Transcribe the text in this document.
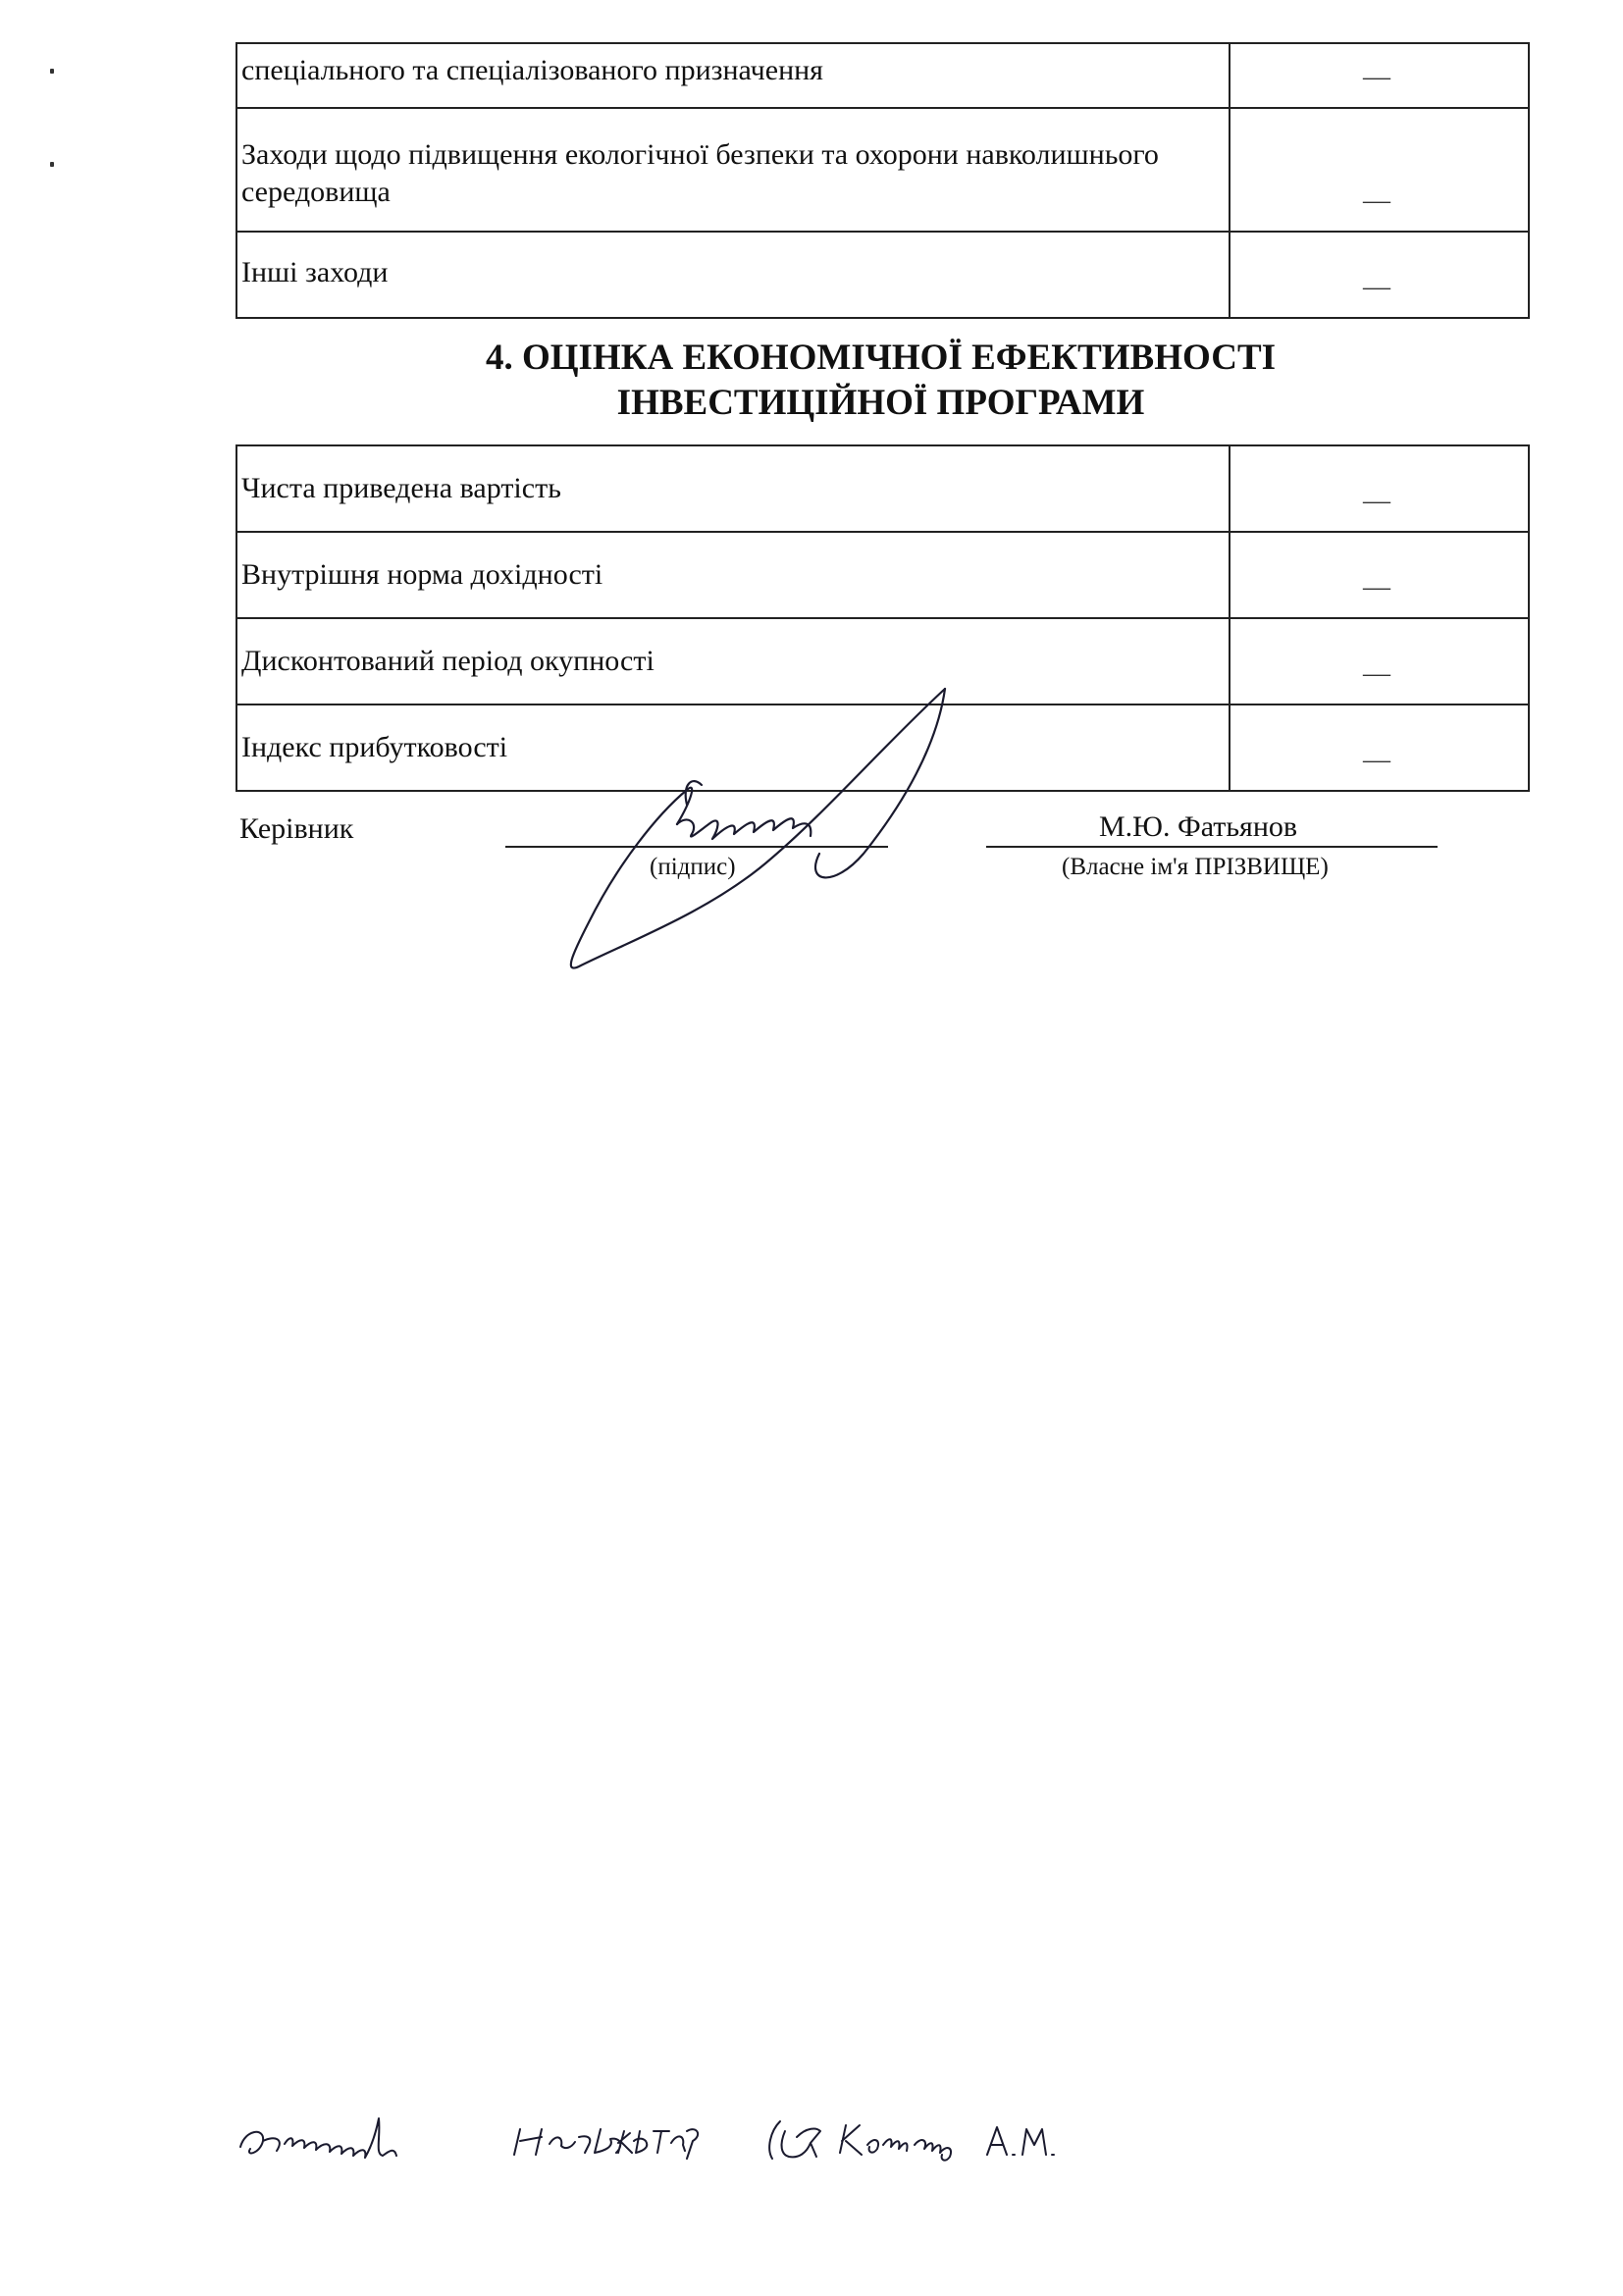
спеціального та спеціалізованого призначення	—
Заходи щодо підвищення екологічної безпеки та охорони навколишнього середовища	—
Інші заходи	—
4. ОЦІНКА ЕКОНОМІЧНОЇ ЕФЕКТИВНОСТІ
ІНВЕСТИЦІЙНОЇ ПРОГРАМИ
Чиста приведена вартість	—
Внутрішня норма дохідності	—
Дисконтований період окупності	—
Індекс прибутковості	—
Керівник
(підпис)
М.Ю. Фатьянов
(Власне ім'я ПРІЗВИЩЕ)
